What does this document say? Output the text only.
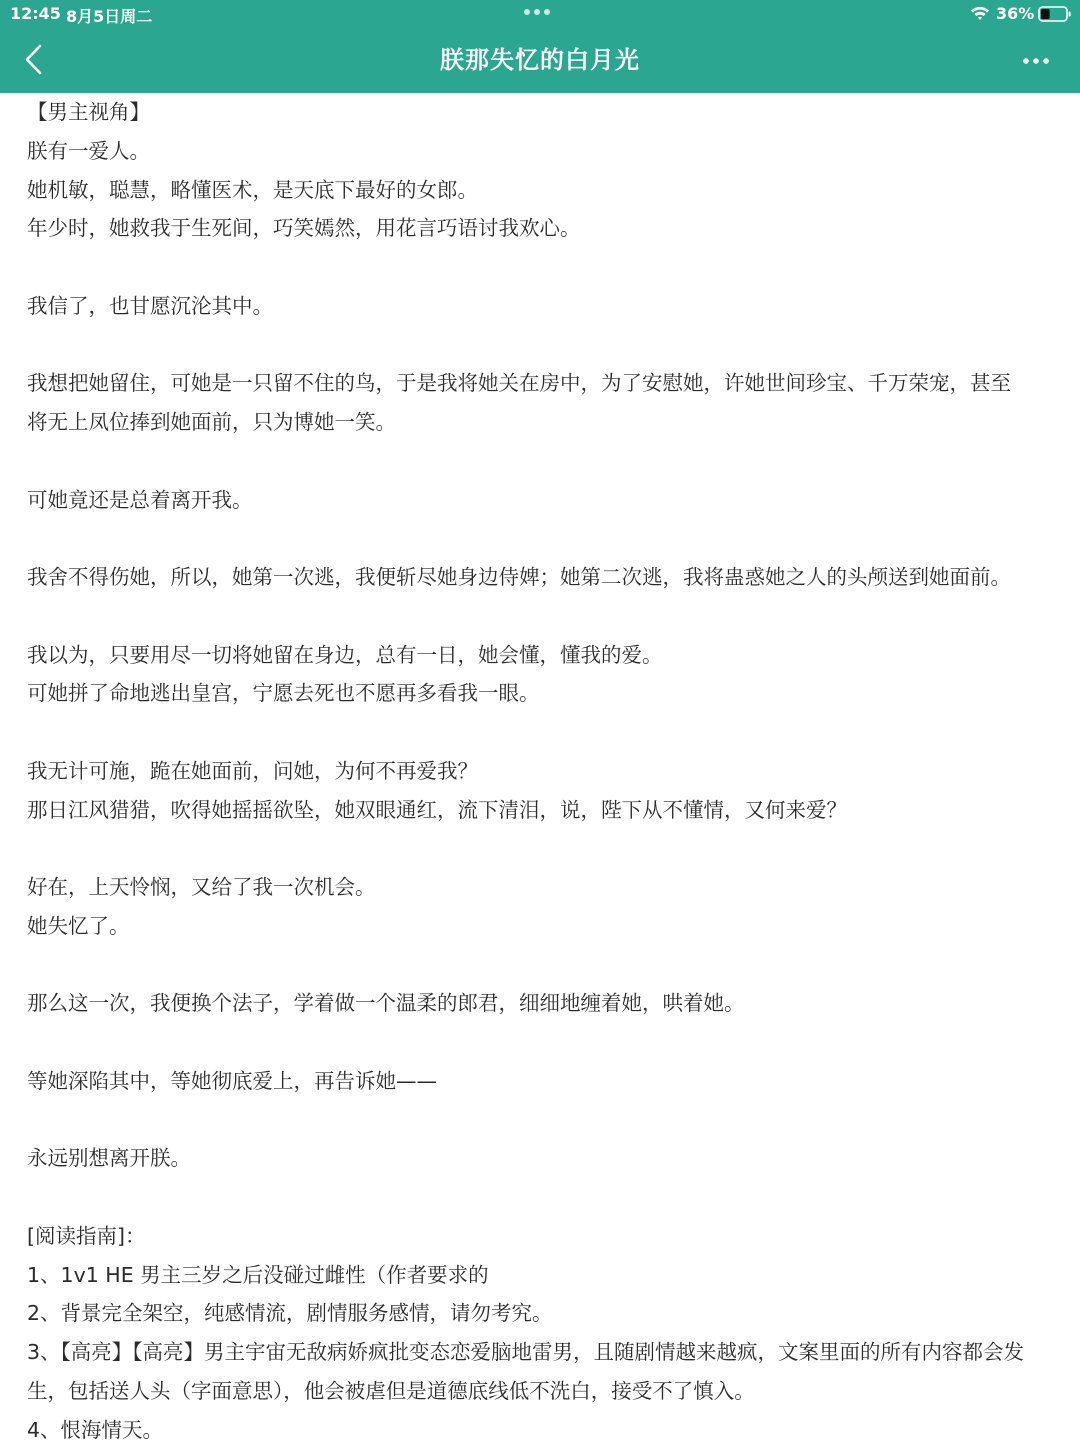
12:45 8月5日周二	36%
朕那失忆的白月光
【男主视角】
朕有一爱人。
她机敏，聪慧，略懂医术，是天底下最好的女郎。
年少时，她救我于生死间，巧笑嫣然，用花言巧语讨我欢心。
我信了，也甘愿沉沦其中。
我想把她留住，可她是一只留不住的鸟，于是我将她关在房中，为了安慰她，许她世间珍宝、千万荣宠，甚至
将无上凤位捧到她面前，只为博她一笑。
可她竟还是总着离开我。
我舍不得伤她，所以，她第一次逃，我便斩尽她身边侍婢；她第二次逃，我将蛊惑她之人的头颅送到她面前。
我以为，只要用尽一切将她留在身边，总有一日，她会懂，懂我的爱。
可她拼了命地逃出皇宫，宁愿去死也不愿再多看我一眼。
我无计可施，跪在她面前，问她，为何不再爱我？
那日江风猎猎，吹得她摇摇欲坠，她双眼通红，流下清泪，说，陛下从不懂情，又何来爱？
好在，上天怜悯，又给了我一次机会。
她失忆了。
那么这一次，我便换个法子，学着做一个温柔的郎君，细细地缠着她，哄着她。
等她深陷其中，等她彻底爱上，再告诉她——
永远别想离开朕。
[阅读指南]：
1、1v1 HE 男主三岁之后没碰过雌性（作者要求的
2、背景完全架空，纯感情流，剧情服务感情，请勿考究。
3、【高亮】【高亮】男主宇宙无敌病娇疯批变态恋爱脑地雷男，且随剧情越来越疯，文案里面的所有内容都会发
生，包括送人头（字面意思），他会被虐但是道德底线低不洗白，接受不了慎入。
4、恨海情天。
